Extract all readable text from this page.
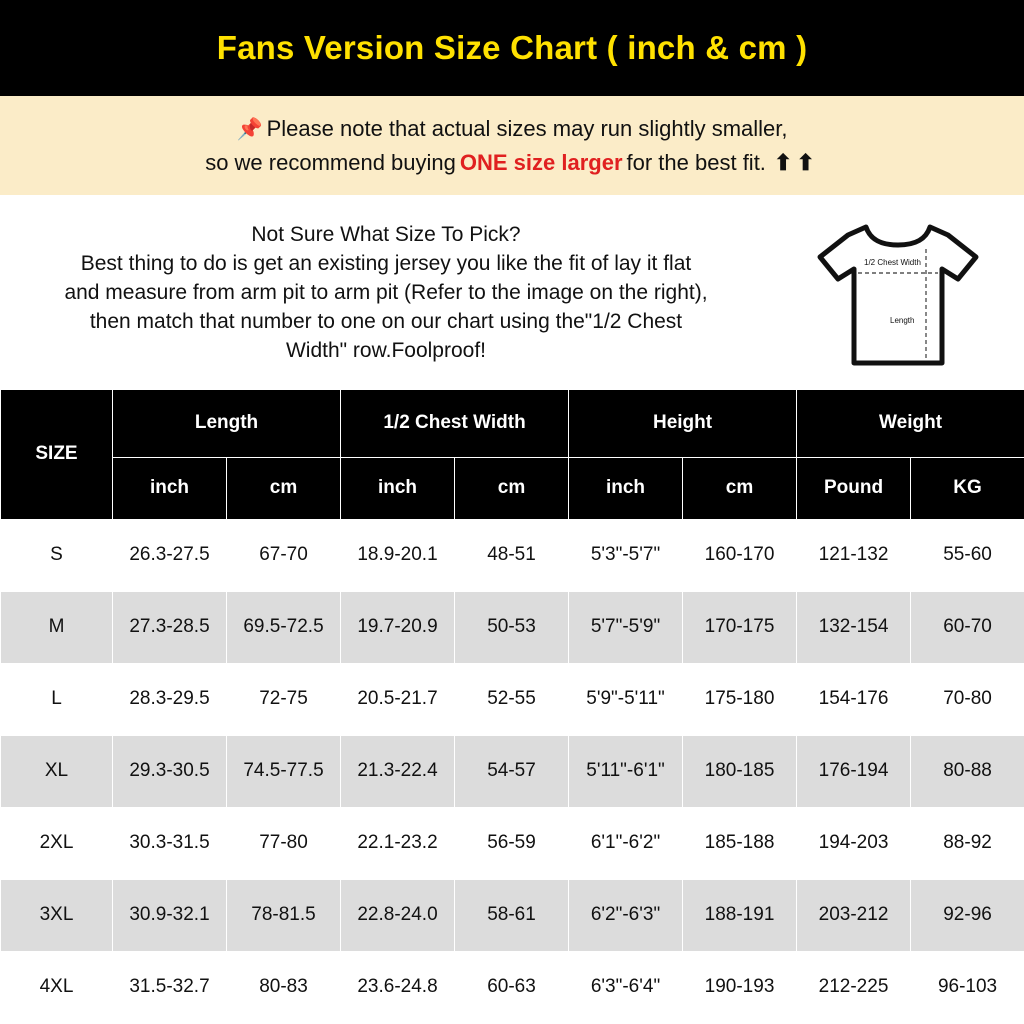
Fans Version Size Chart ( inch & cm )
📌 Please note that actual sizes may run slightly smaller,
so we recommend buying ONE size larger for the best fit. ⬆⬆
Not Sure What Size To Pick?
Best thing to do is get an existing jersey you like the fit of lay it flat
and measure from arm pit to arm pit (Refer to the image on the right),
then match that number to one on our chart using the"1/2 Chest
Width" row.Foolproof!
1/2 Chest Width
Length
SIZE	Length		1/2 Chest Width		Height		Weight	
	inch	cm	inch	cm	inch	cm	Pound	KG
S	26.3-27.5	67-70	18.9-20.1	48-51	5'3"-5'7"	160-170	121-132	55-60
M	27.3-28.5	69.5-72.5	19.7-20.9	50-53	5'7"-5'9"	170-175	132-154	60-70
L	28.3-29.5	72-75	20.5-21.7	52-55	5'9"-5'11"	175-180	154-176	70-80
XL	29.3-30.5	74.5-77.5	21.3-22.4	54-57	5'11"-6'1"	180-185	176-194	80-88
2XL	30.3-31.5	77-80	22.1-23.2	56-59	6'1"-6'2"	185-188	194-203	88-92
3XL	30.9-32.1	78-81.5	22.8-24.0	58-61	6'2"-6'3"	188-191	203-212	92-96
4XL	31.5-32.7	80-83	23.6-24.8	60-63	6'3"-6'4"	190-193	212-225	96-103
